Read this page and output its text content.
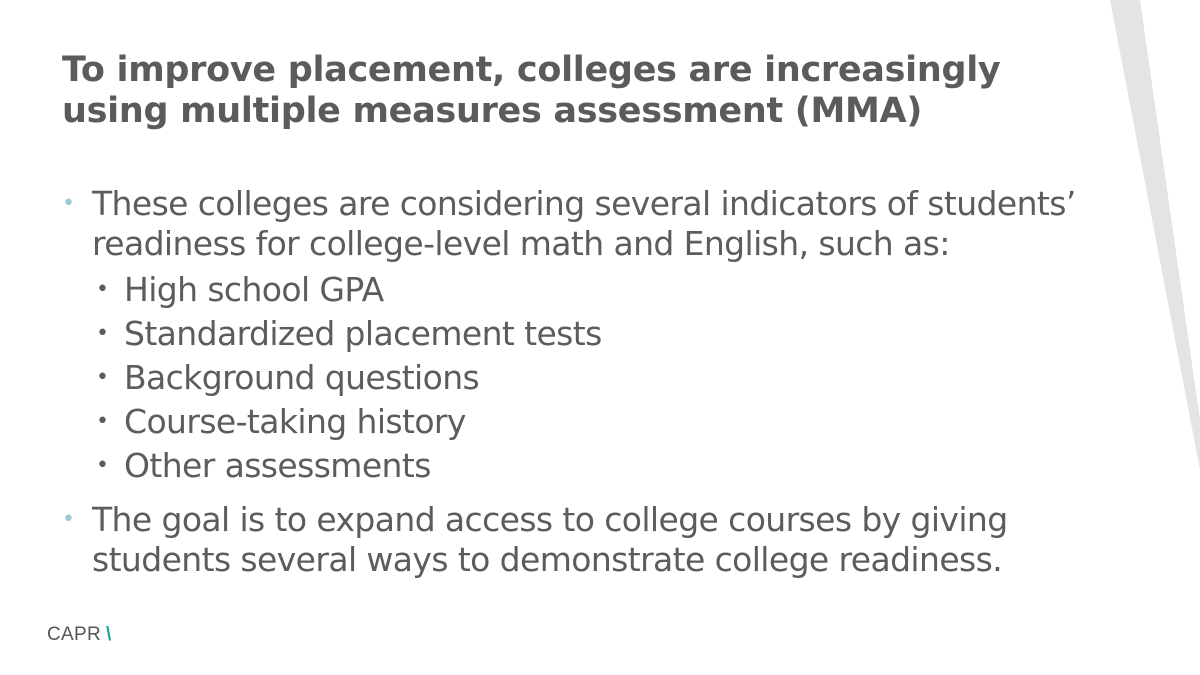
To improve placement, colleges are increasingly
using multiple measures assessment (MMA)
• These colleges are considering several indicators of students’
readiness for college-level math and English, such as:
• High school GPA
• Standardized placement tests
• Background questions
• Course-taking history
• Other assessments
• The goal is to expand access to college courses by giving
students several ways to demonstrate college readiness.
CAPR \
